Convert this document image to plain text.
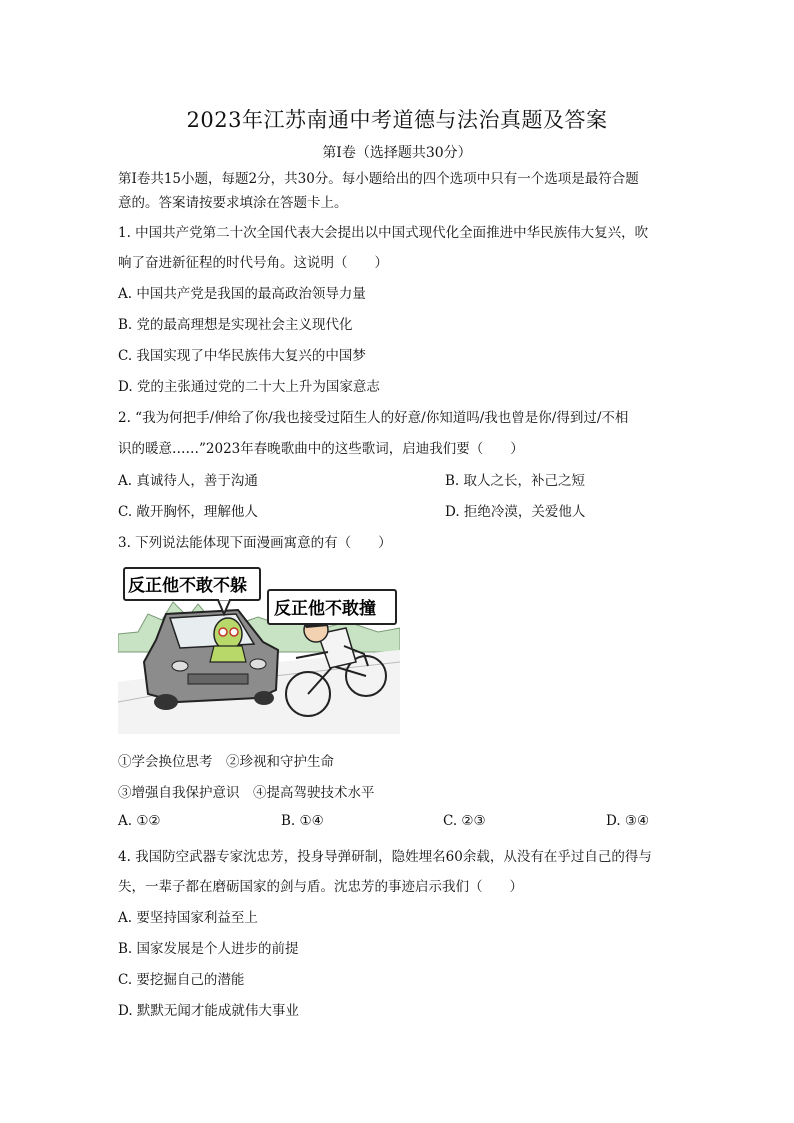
2023年江苏南通中考道德与法治真题及答案
第Ⅰ卷（选择题共30分）
第Ⅰ卷共15小题，每题2分，共30分。每小题给出的四个选项中只有一个选项是最符合题
意的。答案请按要求填涂在答题卡上。
1. 中国共产党第二十次全国代表大会提出以中国式现代化全面推进中华民族伟大复兴，吹
响了奋进新征程的时代号角。这说明（　　）
A. 中国共产党是我国的最高政治领导力量
B. 党的最高理想是实现社会主义现代化
C. 我国实现了中华民族伟大复兴的中国梦
D. 党的主张通过党的二十大上升为国家意志
2. “我为何把手/伸给了你/我也接受过陌生人的好意/你知道吗/我也曾是你/得到过/不相
识的暖意……”2023年春晚歌曲中的这些歌词，启迪我们要（　　）
A. 真诚待人，善于沟通	B. 取人之长，补己之短
C. 敞开胸怀，理解他人	D. 拒绝冷漠，关爱他人
3. 下列说法能体现下面漫画寓意的有（　　）
反正他不敢不躲
反正他不敢撞
①学会换位思考　②珍视和守护生命
③增强自我保护意识　④提高驾驶技术水平
A. ①②	B. ①④	C. ②③	D. ③④
4. 我国防空武器专家沈忠芳，投身导弹研制，隐姓埋名60余载，从没有在乎过自己的得与
失，一辈子都在磨砺国家的剑与盾。沈忠芳的事迹启示我们（　　）
A. 要坚持国家利益至上
B. 国家发展是个人进步的前提
C. 要挖掘自己的潜能
D. 默默无闻才能成就伟大事业
